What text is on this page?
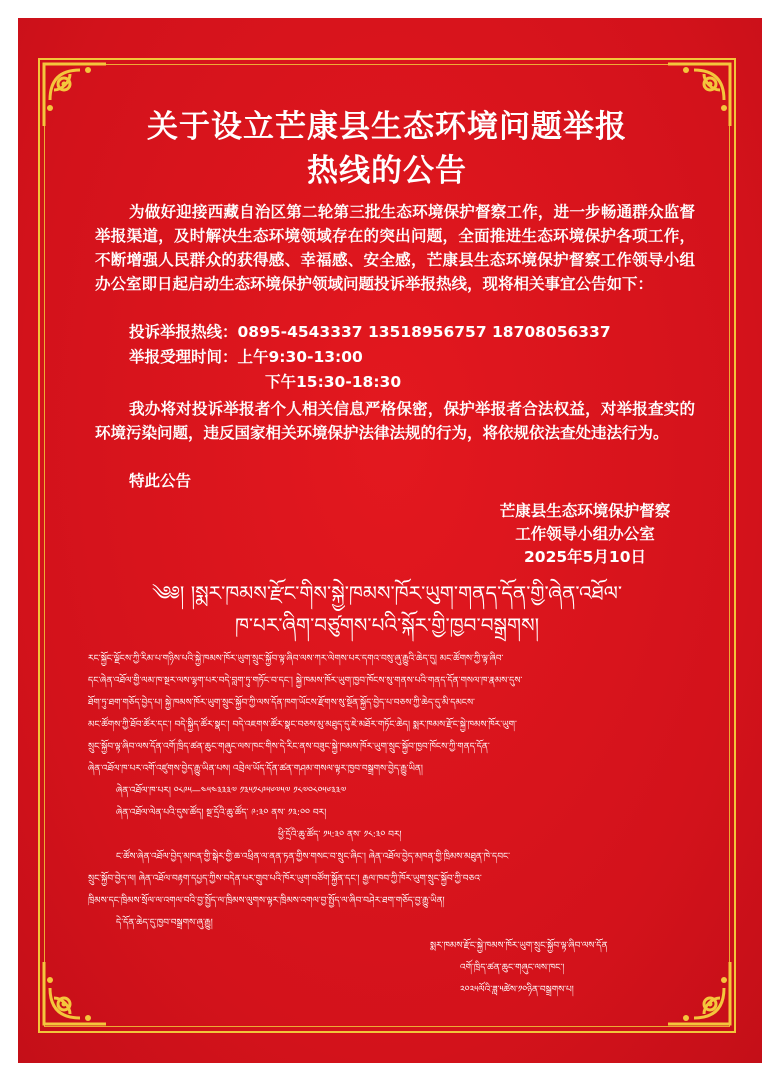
关于设立芒康县生态环境问题举报
热线的公告
为做好迎接西藏自治区第二轮第三批生态环境保护督察工作，进一步畅通群众监督举报渠道，及时解决生态环境领域存在的突出问题，全面推进生态环境保护各项工作，不断增强人民群众的获得感、幸福感、安全感，芒康县生态环境保护督察工作领导小组办公室即日起启动生态环境保护领域问题投诉举报热线，现将相关事宜公告如下：
投诉举报热线：0895-4543337 13518956757 18708056337
举报受理时间：上午9:30-13:00
下午15:30-18:30
我办将对投诉举报者个人相关信息严格保密，保护举报者合法权益，对举报查实的环境污染问题，违反国家相关环境保护法律法规的行为，将依规依法查处违法行为。
特此公告
芒康县生态环境保护督察
工作领导小组办公室
2025年5月10日
༄༅། །སྨར་ཁམས་རྫོང་གིས་སྐྱེ་ཁམས་ཁོར་ཡུག་གནད་དོན་གྱི་ཞེན་འཐོལ་
ཁ་པར་ཞིག་བཙུགས་པའི་སྐོར་གྱི་ཁྱབ་བསྒྲགས།
རང་སྐྱོང་ལྗོངས་ཀྱི་རིམ་པ་གཉིས་པའི་སྐྱེ་ཁམས་ཁོར་ཡུག་སྲུང་སྐྱོབ་ལྟ་ཞིབ་ལས་ཀར་ལེགས་པར་དགའ་བསུ་ཞུ་རྒྱུའི་ཆེད་དུ། མང་ཚོགས་ཀྱི་ལྟ་ཞིབ་
དང་ཞེན་འཐོལ་གྱི་ལམ་ཁ་སྔར་ལས་ལྷག་པར་བདེ་བླག་ཏུ་གཏོང་བ་དང་། སྐྱེ་ཁམས་ཁོར་ཡུག་ཁྱབ་ཁོངས་སུ་གནས་པའི་གནད་དོན་གསལ་ཁ་རྣམས་དུས་
ཐོག་ཏུ་ཐག་གཅོད་བྱེད་པ། སྐྱེ་ཁམས་ཁོར་ཡུག་སྲུང་སྐྱོབ་ཀྱི་ལས་དོན་ཁག་ཡོངས་རྫོགས་སུ་སྔོན་སྐྱོད་བྱེད་པ་བཅས་ཀྱི་ཆེད་དུ་མི་དམངས་
མང་ཚོགས་ཀྱི་ཐོབ་ཚོར་དང་། བདེ་སྐྱིད་ཚོར་སྣང་། བདེ་འཇགས་ཚོར་སྣང་བཅས་མུ་མཐུད་དུ་ཇེ་མཐོར་གཏོང་ཆེད། སྨར་ཁམས་རྫོང་སྐྱེ་ཁམས་ཁོར་ཡུག་
སྲུང་སྐྱོབ་ལྟ་ཞིབ་ལས་དོན་འགོ་ཁྲིད་ཚན་ཆུང་གཞུང་ལས་ཁང་གིས་དེ་རིང་ནས་བཟུང་སྐྱེ་ཁམས་ཁོར་ཡུག་སྲུང་སྐྱོབ་ཁྱབ་ཁོངས་ཀྱི་གནད་དོན་
ཞེན་འཐོལ་ཁ་པར་འགོ་འཛུགས་བྱེད་རྒྱུ་ཡིན་པས། འབྲེལ་ཡོད་དོན་ཚན་གཤམ་གསལ་ལྟར་ཁྱབ་བསྒྲགས་བྱེད་རྒྱུ་ཡིན།
ཞེན་འཐོལ་ཁ་པར། ༠༨༩༥—༤༥༤༣༣༣༧ ༡༣༥༡༨༩༥༦༧༥༧ ༡༨༧༠༨༠༥༦༣༣༧
ཞེན་འཐོལ་ལེན་པའི་དུས་ཚོད། སྔ་དྲོའི་ཆུ་ཚོད་ ༩:༣༠ ནས་ ༡༣:༠༠ བར།
ཕྱི་དྲོའི་ཆུ་ཚོད་ ༡༥:༣༠ ནས་ ༡༨:༣༠ བར།
ང་ཚོས་ཞེན་འཐོལ་བྱེད་མཁན་གྱི་སྒེར་གྱི་ཆ་འཕྲིན་ལ་ནན་ཏན་གྱིས་གསང་བ་སྲུང་ཞིང་། ཞེན་འཐོལ་བྱེད་མཁན་གྱི་ཁྲིམས་མཐུན་ཁེ་དབང་
སྲུང་སྐྱོབ་བྱེད་ལ། ཞེན་འཐོལ་བརྟག་དཔྱད་ཀྱིས་བདེན་པར་གྲུབ་པའི་ཁོར་ཡུག་བཙོག་སྐྱོན་དང་། རྒྱལ་ཁབ་ཀྱི་ཁོར་ཡུག་སྲུང་སྐྱོབ་ཀྱི་བཅའ་
ཁྲིམས་དང་ཁྲིམས་སྲོལ་ལ་འགལ་བའི་བྱ་སྤྱོད་ལ་ཁྲིམས་ལུགས་ལྟར་ཁྲིམས་འགལ་བྱ་སྤྱོད་ལ་ཞིབ་བཤེར་ཐག་གཅོད་བྱ་རྒྱུ་ཡིན།
དེ་དོན་ཆེད་དུ་ཁྱབ་བསྒྲགས་ཞུ་རྒྱུ།
སྨར་ཁམས་རྫོང་སྐྱེ་ཁམས་ཁོར་ཡུག་སྲུང་སྐྱོབ་ལྟ་ཞིབ་ལས་དོན
འགོ་ཁྲིད་ཚན་ཆུང་གཞུང་ལས་ཁང་།
༢༠༢༥ལོའི་ཟླ་༥ཚེས་༡༠ཉིན་བསྒྲགས་པ།
